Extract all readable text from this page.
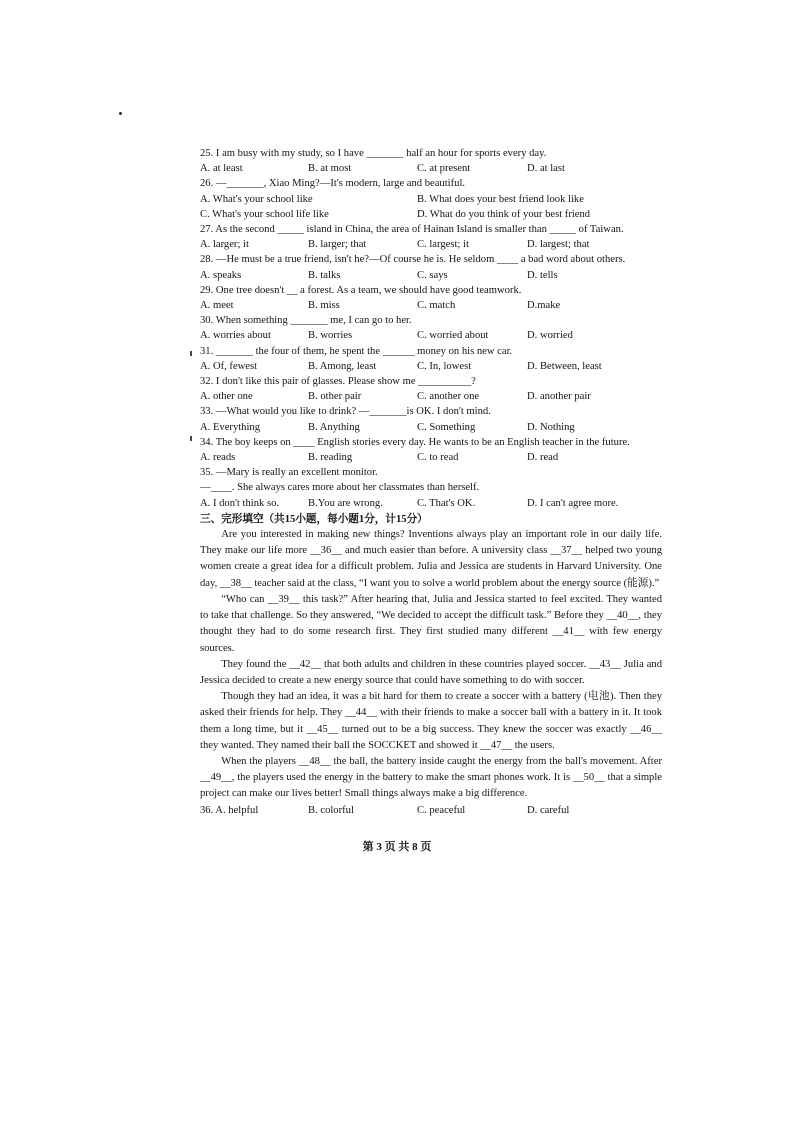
25. I am busy with my study, so I have _______ half an hour for sports every day.
A. at least	B. at most	C. at present	D. at last
26. —_______, Xiao Ming?—It's modern, large and beautiful.
A. What's your school like	B. What does your best friend look like
C. What's your school life like	D. What do you think of your best friend
27. As the second _____ island in China, the area of Hainan Island is smaller than _____ of Taiwan.
A. larger; it	B. larger; that	C. largest; it	D. largest; that
28. —He must be a true friend, isn't he?—Of course he is. He seldom ____ a bad word about others.
A. speaks	B. talks	C. says	D. tells
29. One tree doesn't __ a forest. As a team, we should have good teamwork.
A. meet	B. miss	C. match	D.make
30. When something _______ me, I can go to her.
A. worries about	B. worries	C. worried about	D. worried
31. _______ the four of them, he spent the ______ money on his new car.
A. Of, fewest	B. Among, least	C. In, lowest	D. Between, least
32. I don't like this pair of glasses. Please show me __________?
A. other one	B. other pair	C. another one	D. another pair
33. —What would you like to drink? —_______is OK. I don't mind.
A. Everything	B. Anything	C. Something	D. Nothing
34. The boy keeps on ____ English stories every day. He wants to be an English teacher in the future.
A. reads	B. reading	C. to read	D. read
35. —Mary is really an excellent monitor.
—____. She always cares more about her classmates than herself.
A. I don't think so.	B.You are wrong.	C. That's OK.	D. I can't agree more.
三、完形填空（共15小题，每小题1分，计15分）

Are you interested in making new things? Inventions always play an important role in our daily life. They make our life more __36__ and much easier than before. A university class __37__ helped two young women create a great idea for a difficult problem. Julia and Jessica are students in Harvard University. One day, __38__ teacher said at the class, “I want you to solve a world problem about the energy source (能源).”

“Who can __39__ this task?” After hearing that, Julia and Jessica started to feel excited. They wanted to take that challenge. So they answered, “We decided to accept the difficult task.” Before they __40__, they thought they had to do some research first. They first studied many different __41__ with few energy sources.

They found the __42__ that both adults and children in these countries played soccer. __43__ Julia and Jessica decided to create a new energy source that could have something to do with soccer.

Though they had an idea, it was a bit hard for them to create a soccer with a battery (电池). Then they asked their friends for help. They __44__ with their friends to make a soccer ball with a battery in it. It took them a long time, but it __45__ turned out to be a big success. They knew the soccer was exactly __46__ they wanted. They named their ball the SOCCKET and showed it __47__ the users.

When the players __48__ the ball, the battery inside caught the energy from the ball's movement. After __49__, the players used the energy in the battery to make the smart phones work. It is __50__ that a simple project can make our lives better! Small things always make a big difference.

36. A. helpful	B. colorful	C. peaceful	D. careful
第 3 页 共 8 页
